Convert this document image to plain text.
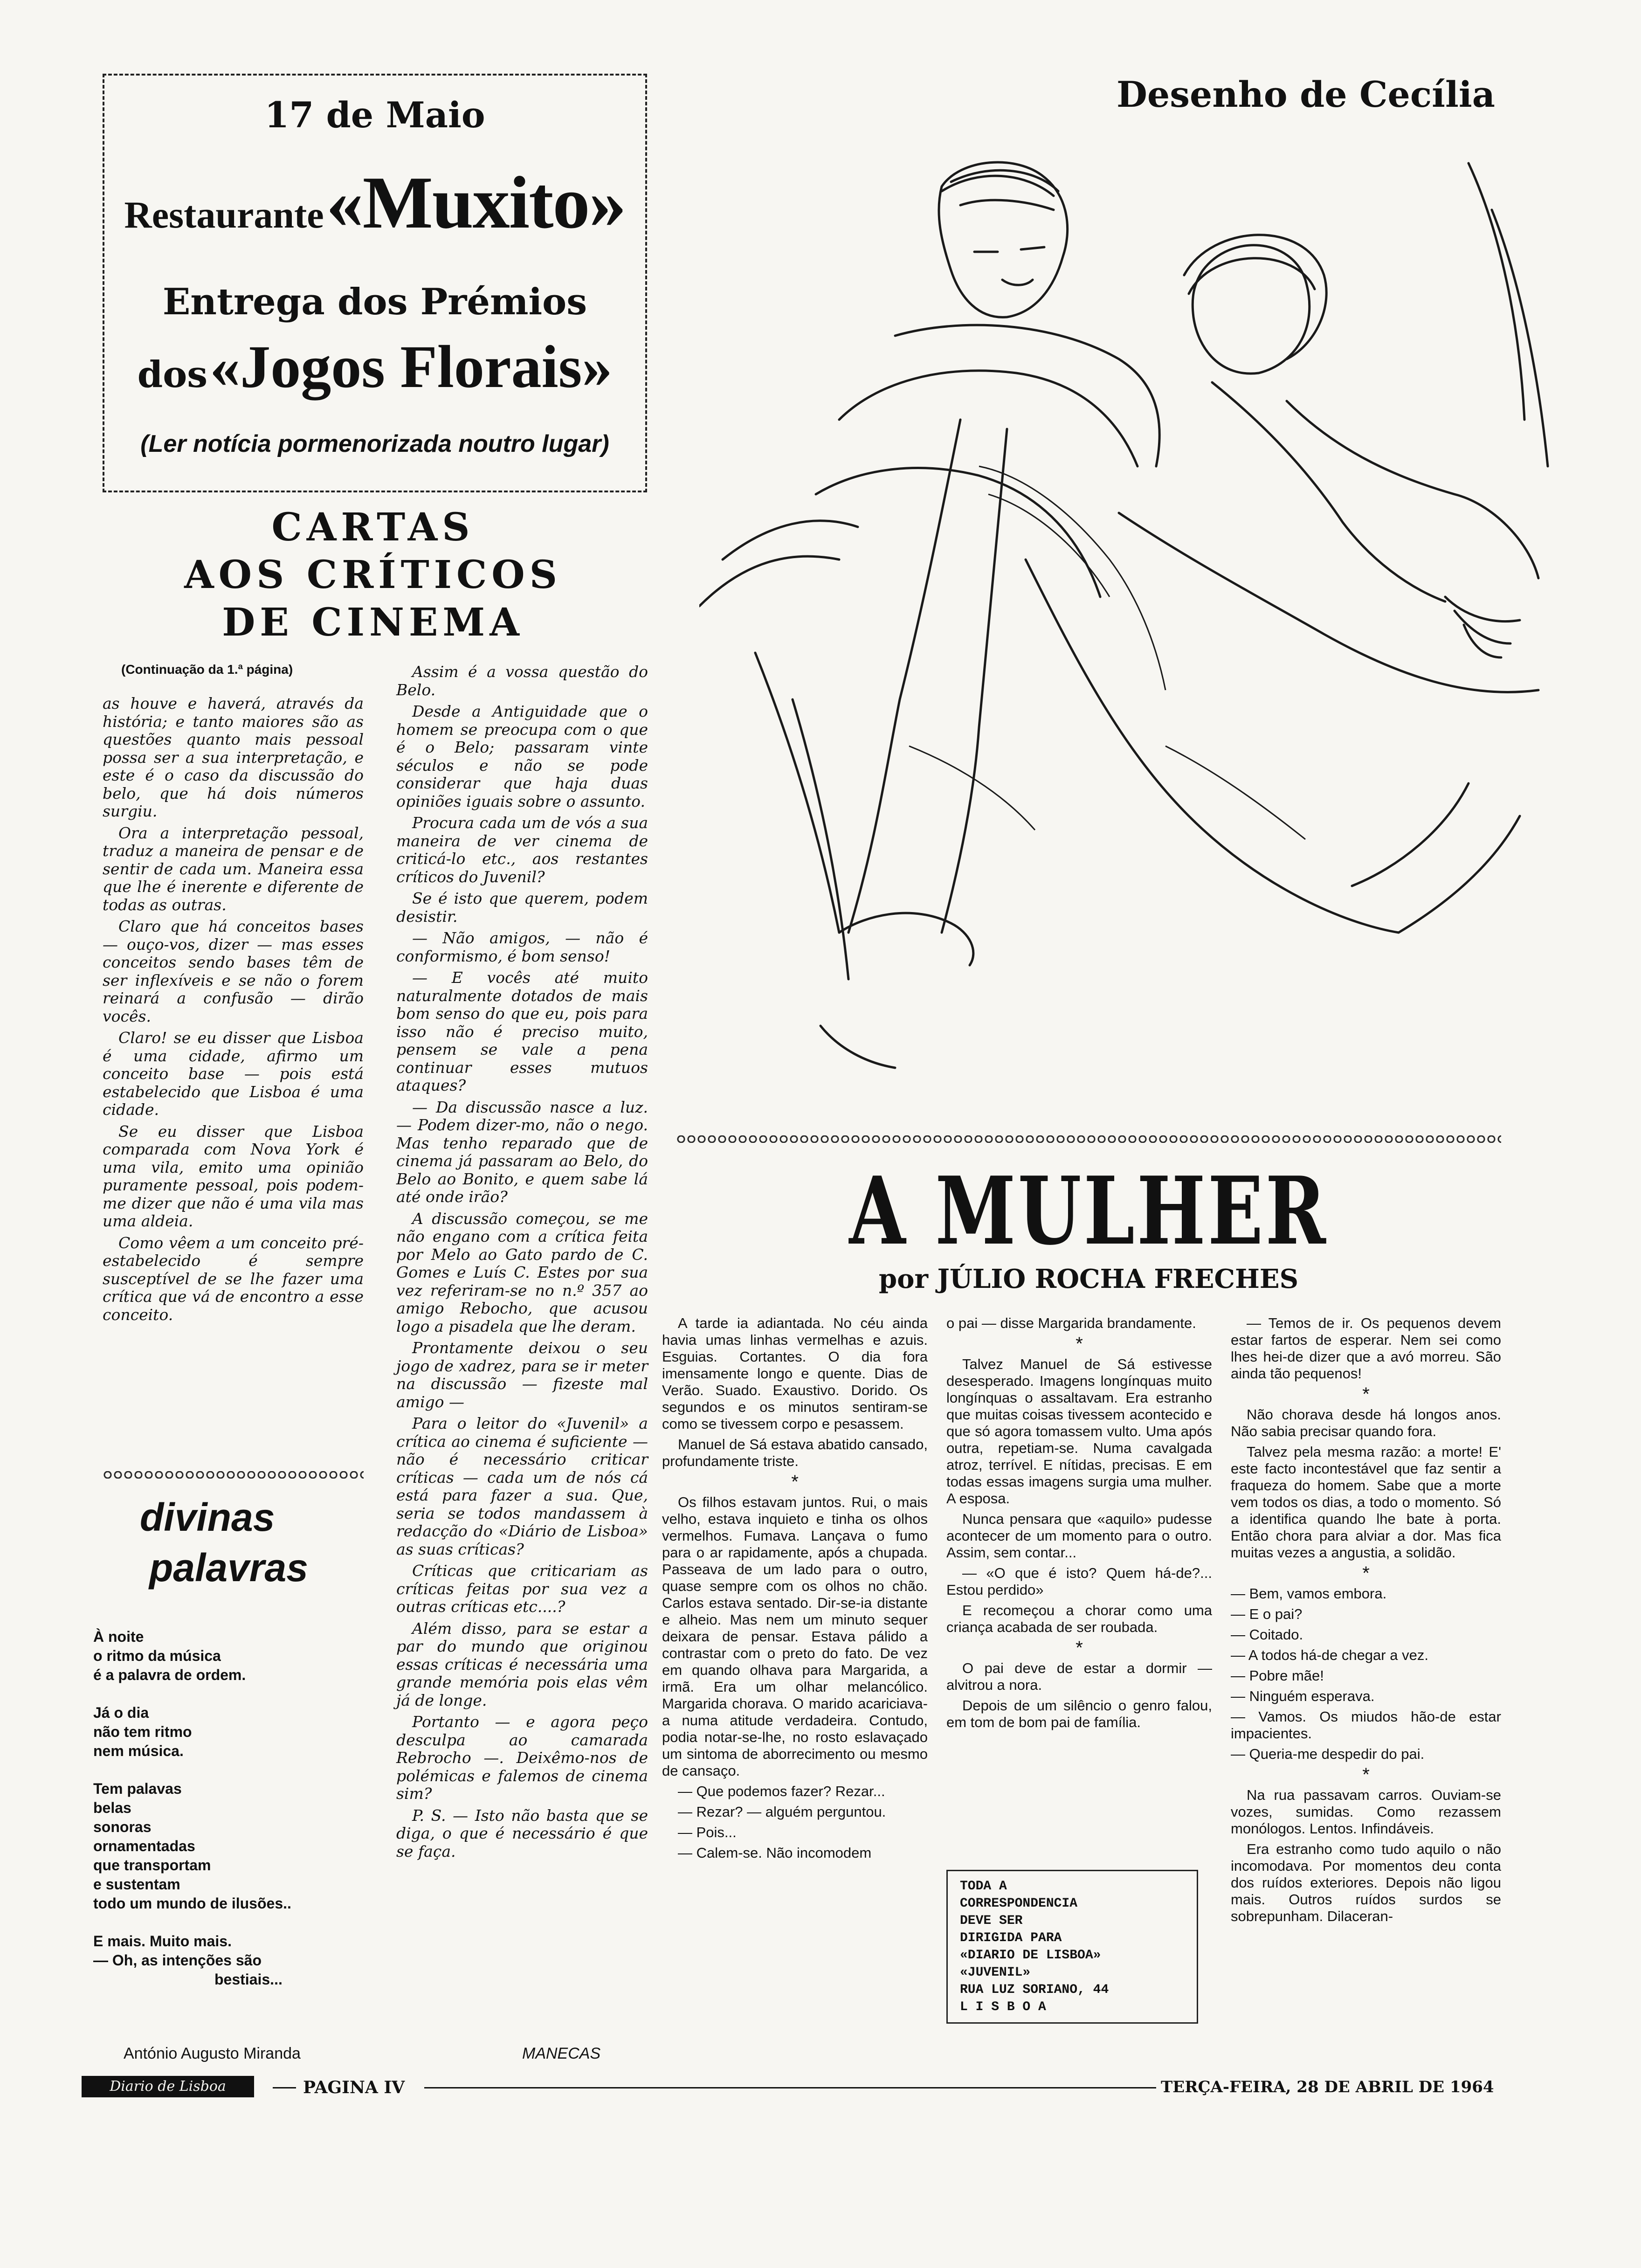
17 de Maio
Restaurante «Muxito»
Entrega dos Prémios
dos «Jogos Florais»
(Ler notícia pormenorizada noutro lugar)
CARTAS
AOS CRÍTICOS
DE CINEMA
(Continuação da 1.ª página)

as houve e haverá, através da história; e tanto maiores são as questões quanto mais pessoal possa ser a sua interpretação, e este é o caso da discussão do belo, que há dois números surgiu.

Ora a interpretação pessoal, traduz a maneira de pensar e de sentir de cada um. Maneira essa que lhe é inerente e diferente de todas as outras.

Claro que há conceitos bases — ouço-vos, dizer — mas esses conceitos sendo bases têm de ser inflexíveis e se não o forem reinará a confusão — dirão vocês.

Claro! se eu disser que Lisboa é uma cidade, afirmo um conceito base — pois está estabelecido que Lisboa é uma cidade.

Se eu disser que Lisboa comparada com Nova York é uma vila, emito uma opinião puramente pessoal, pois podem-me dizer que não é uma vila mas uma aldeia.

Como vêem a um conceito pré-estabelecido é sempre susceptível de se lhe fazer uma crítica que vá de encontro a esse conceito.

divinas
palavras
À noite
o ritmo da música
é a palavra de ordem.
Já o dia
não tem ritmo
nem música.
Tem palavas
belas
sonoras
ornamentadas
que transportam
e sustentam
todo um mundo de ilusões..
E mais. Muito mais.
— Oh, as intenções são
bestiais...
António Augusto Miranda

Assim é a vossa questão do Belo.

Desde a Antiguidade que o homem se preocupa com o que é o Belo; passaram vinte séculos e não se pode considerar que haja duas opiniões iguais sobre o assunto.

Procura cada um de vós a sua maneira de ver cinema de criticá-lo etc., aos restantes críticos do Juvenil?

Se é isto que querem, podem desistir.

— Não amigos, — não é conformismo, é bom senso!

— E vocês até muito naturalmente dotados de mais bom senso do que eu, pois para isso não é preciso muito, pensem se vale a pena continuar esses mutuos ataques?

— Da discussão nasce a luz. — Podem dizer-mo, não o nego. Mas tenho reparado que de cinema já passaram ao Belo, do Belo ao Bonito, e quem sabe lá até onde irão?

A discussão começou, se me não engano com a crítica feita por Melo ao Gato pardo de C. Gomes e Luís C. Estes por sua vez referiram-se no n.º 357 ao amigo Rebocho, que acusou logo a pisadela que lhe deram.

Prontamente deixou o seu jogo de xadrez, para se ir meter na discussão — fizeste mal amigo —

Para o leitor do «Juvenil» a crítica ao cinema é suficiente — não é necessário criticar críticas — cada um de nós cá está para fazer a sua. Que, seria se todos mandassem à redacção do «Diário de Lisboa» as suas críticas?

Críticas que criticariam as críticas feitas por sua vez a outras críticas etc....?

Além disso, para se estar a par do mundo que originou essas críticas é necessária uma grande memória pois elas vêm já de longe.

Portanto — e agora peço desculpa ao camarada Rebrocho —. Deixêmo-nos de polémicas e falemos de cinema sim?

P. S. — Isto não basta que se diga, o que é necessário é que se faça.

MANECAS
Desenho de Cecília
A MULHER
por JÚLIO ROCHA FRECHES

A tarde ia adiantada. No céu ainda havia umas linhas vermelhas e azuis. Esguias. Cortantes. O dia fora imensamente longo e quente. Dias de Verão. Suado. Exaustivo. Dorido. Os segundos e os minutos sentiram-se como se tivessem corpo e pesassem.

Manuel de Sá estava abatido cansado, profundamente triste.

*

Os filhos estavam juntos. Rui, o mais velho, estava inquieto e tinha os olhos vermelhos. Fumava. Lançava o fumo para o ar rapidamente, após a chupada. Passeava de um lado para o outro, quase sempre com os olhos no chão. Carlos estava sentado. Dir-se-ia distante e alheio. Mas nem um minuto sequer deixara de pensar. Estava pálido a contrastar com o preto do fato. De vez em quando olhava para Margarida, a irmã. Era um olhar melancólico. Margarida chorava. O marido acariciava-a numa atitude verdadeira. Contudo, podia notar-se-lhe, no rosto eslavaçado um sintoma de aborrecimento ou mesmo de cansaço.

— Que podemos fazer? Rezar...

— Rezar? — alguém perguntou.

— Pois...

— Calem-se. Não incomodem

o pai — disse Margarida brandamente.

*

Talvez Manuel de Sá estivesse desesperado. Imagens longínquas muito longínquas o assaltavam. Era estranho que muitas coisas tivessem acontecido e que só agora tomassem vulto. Uma após outra, repetiam-se. Numa cavalgada atroz, terrível. E nítidas, precisas. E em todas essas imagens surgia uma mulher. A esposa.

Nunca pensara que «aquilo» pudesse acontecer de um momento para o outro. Assim, sem contar...

— «O que é isto? Quem há-de?... Estou perdido»

E recomeçou a chorar como uma criança acabada de ser roubada.

*

O pai deve de estar a dormir — alvitrou a nora.

Depois de um silêncio o genro falou, em tom de bom pai de família.

TODA A
CORRESPONDENCIA
DEVE SER
DIRIGIDA PARA
«DIARIO DE LISBOA»
«JUVENIL»
RUA LUZ SORIANO, 44
L I S B O A

— Temos de ir. Os pequenos devem estar fartos de esperar. Nem sei como lhes hei-de dizer que a avó morreu. São ainda tão pequenos!

*

Não chorava desde há longos anos. Não sabia precisar quando fora.

Talvez pela mesma razão: a morte! E' este facto incontestável que faz sentir a fraqueza do homem. Sabe que a morte vem todos os dias, a todo o momento. Só a identifica quando lhe bate à porta. Então chora para alviar a dor. Mas fica muitas vezes a angustia, a solidão.

*

— Bem, vamos embora.

— E o pai?

— Coitado.

— A todos há-de chegar a vez.

— Pobre mãe!

— Ninguém esperava.

— Vamos. Os miudos hão-de estar impacientes.

— Queria-me despedir do pai.

*

Na rua passavam carros. Ouviam-se vozes, sumidas. Como rezassem monólogos. Lentos. Infindáveis.

Era estranho como tudo aquilo o não incomodava. Por momentos deu conta dos ruídos exteriores. Depois não ligou mais. Outros ruídos surdos se sobrepunham. Dilaceran-

Diario de Lisboa	PAGINA IV	TERÇA-FEIRA, 28 DE ABRIL DE 1964
